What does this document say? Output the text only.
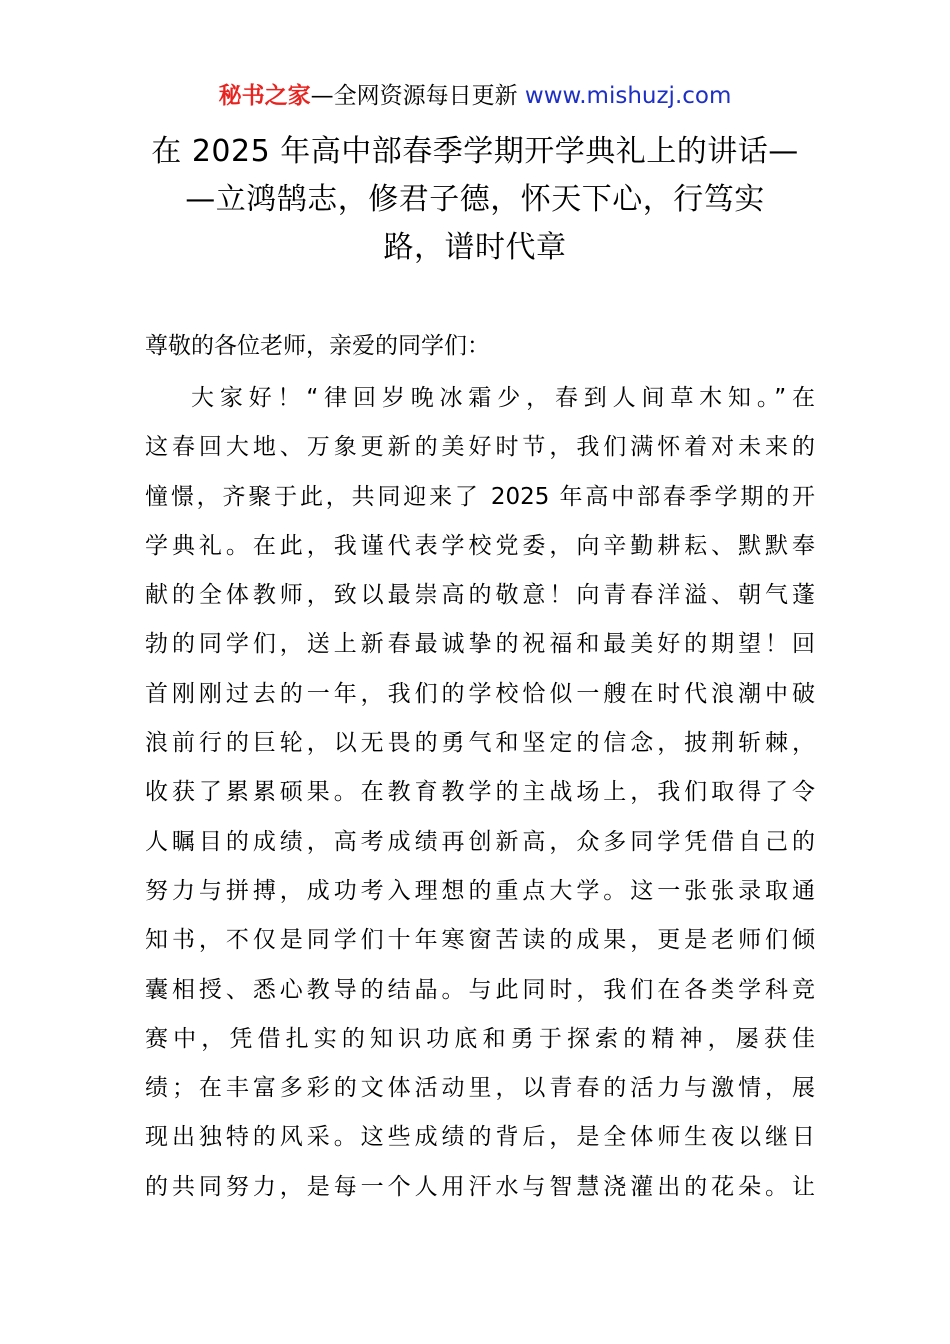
秘书之家—全网资源每日更新 www.mishuzj.com
在 2025 年高中部春季学期开学典礼上的讲话—
—立鸿鹄志，修君子德，怀天下心，行笃实
路，谱时代章
尊敬的各位老师，亲爱的同学们：
大家好！“律回岁晚冰霜少，春到人间草木知。”在
这春回大地、万象更新的美好时节，我们满怀着对未来的
憧憬，齐聚于此，共同迎来了 2025 年高中部春季学期的开
学典礼。在此，我谨代表学校党委，向辛勤耕耘、默默奉
献的全体教师，致以最崇高的敬意！向青春洋溢、朝气蓬
勃的同学们，送上新春最诚挚的祝福和最美好的期望！回
首刚刚过去的一年，我们的学校恰似一艘在时代浪潮中破
浪前行的巨轮，以无畏的勇气和坚定的信念，披荆斩棘，
收获了累累硕果。在教育教学的主战场上，我们取得了令
人瞩目的成绩，高考成绩再创新高，众多同学凭借自己的
努力与拼搏，成功考入理想的重点大学。这一张张录取通
知书，不仅是同学们十年寒窗苦读的成果，更是老师们倾
囊相授、悉心教导的结晶。与此同时，我们在各类学科竞
赛中，凭借扎实的知识功底和勇于探索的精神，屡获佳
绩；在丰富多彩的文体活动里，以青春的活力与激情，展
现出独特的风采。这些成绩的背后，是全体师生夜以继日
的共同努力，是每一个人用汗水与智慧浇灌出的花朵。让
